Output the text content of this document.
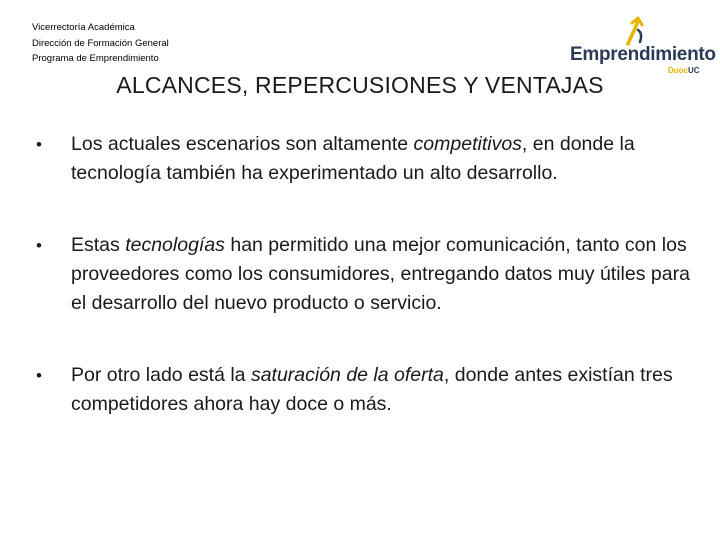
Vicerrectoría Académica
Dirección de Formación General
Programa de Emprendimiento	Emprendimiento
DuocUC
ALCANCES, REPERCUSIONES Y VENTAJAS
• Los actuales escenarios son altamente competitivos, en donde la tecnología también ha experimentado un alto desarrollo.
• Estas tecnologías han permitido una mejor comunicación, tanto con los proveedores como los consumidores, entregando datos muy útiles para el desarrollo del nuevo producto o servicio.
• Por otro lado está la saturación de la oferta, donde antes existían tres competidores ahora hay doce o más.
